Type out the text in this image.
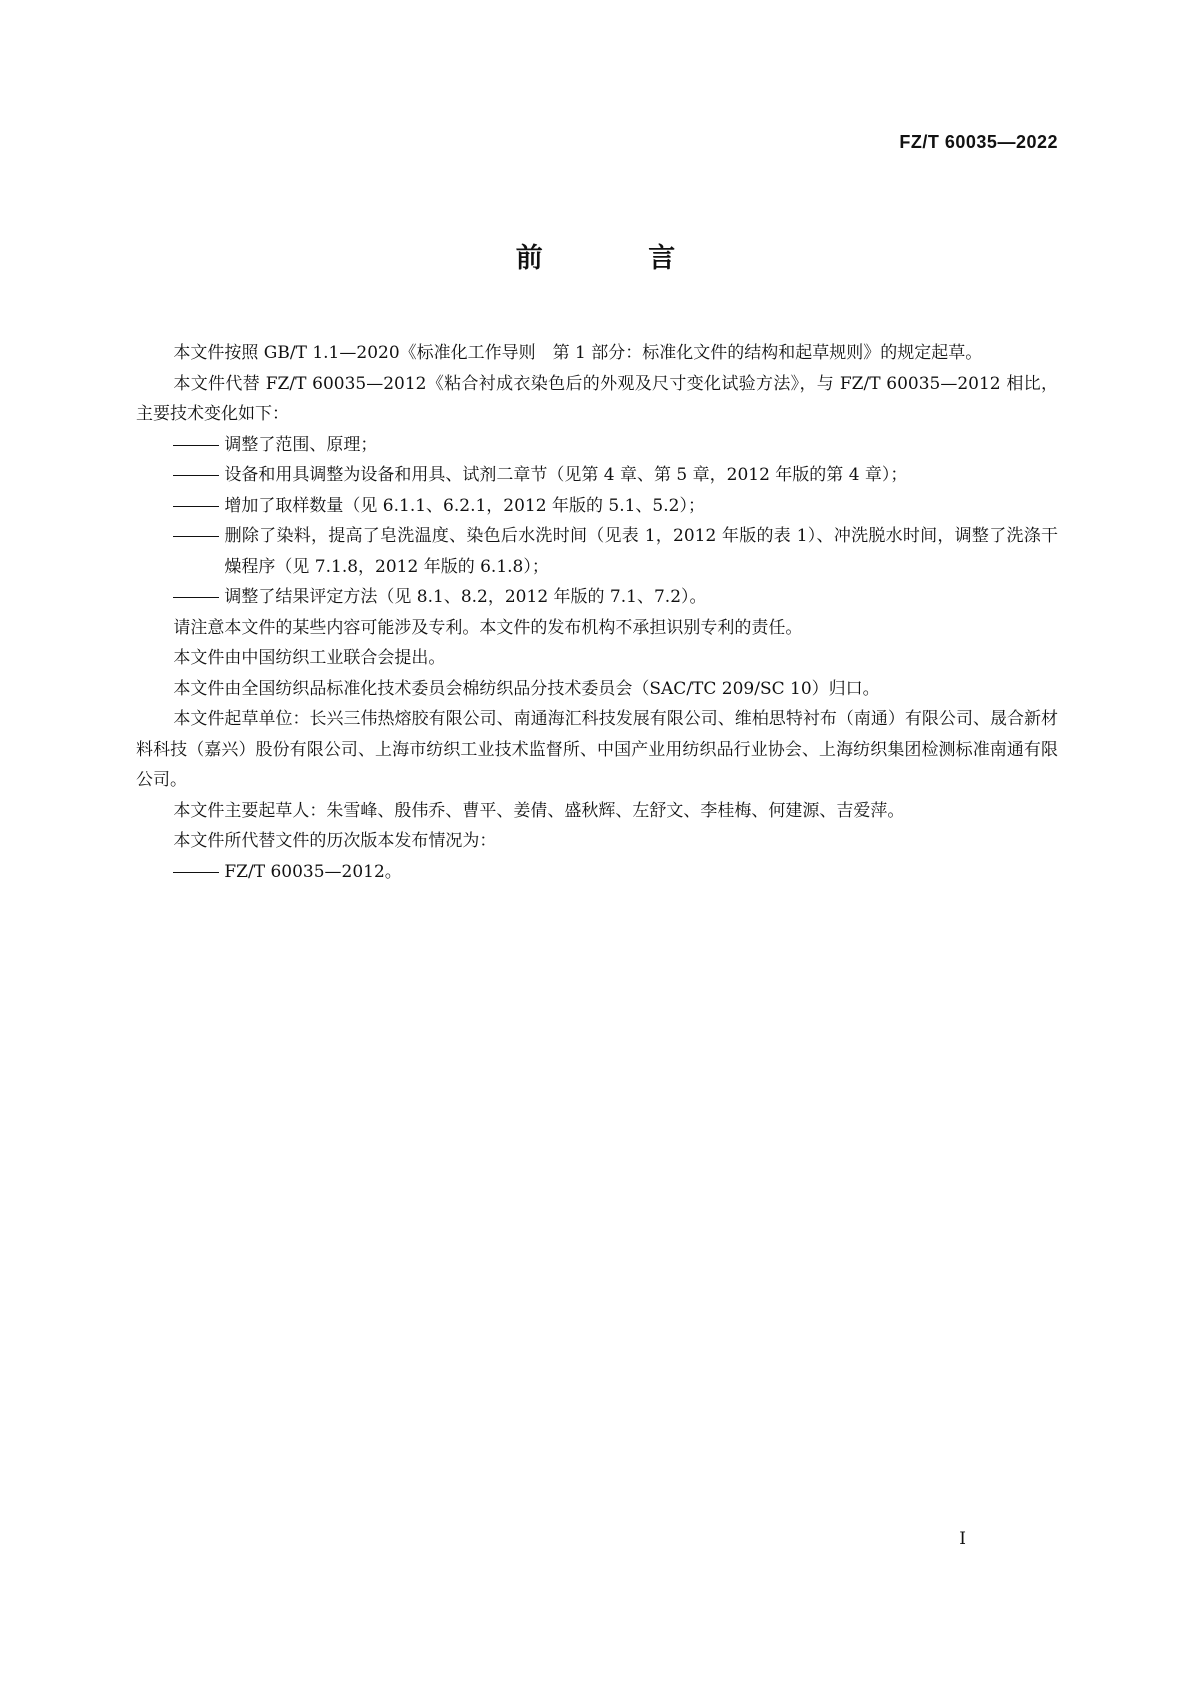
FZ/T 60035—2022
前 言

本文件按照 GB/T 1.1—2020《标准化工作导则　第 1 部分：标准化文件的结构和起草规则》的规定起草。

本文件代替 FZ/T 60035—2012《粘合衬成衣染色后的外观及尺寸变化试验方法》，与 FZ/T 60035—2012 相比，主要技术变化如下：

调整了范围、原理；

设备和用具调整为设备和用具、试剂二章节（见第 4 章、第 5 章，2012 年版的第 4 章）；

增加了取样数量（见 6.1.1、6.2.1，2012 年版的 5.1、5.2）；

删除了染料，提高了皂洗温度、染色后水洗时间（见表 1，2012 年版的表 1）、冲洗脱水时间，调整了洗涤干燥程序（见 7.1.8，2012 年版的 6.1.8）；

调整了结果评定方法（见 8.1、8.2，2012 年版的 7.1、7.2）。

请注意本文件的某些内容可能涉及专利。本文件的发布机构不承担识别专利的责任。

本文件由中国纺织工业联合会提出。

本文件由全国纺织品标准化技术委员会棉纺织品分技术委员会（SAC/TC 209/SC 10）归口。

本文件起草单位：长兴三伟热熔胶有限公司、南通海汇科技发展有限公司、维柏思特衬布（南通）有限公司、晟合新材料科技（嘉兴）股份有限公司、上海市纺织工业技术监督所、中国产业用纺织品行业协会、上海纺织集团检测标准南通有限公司。

本文件主要起草人：朱雪峰、殷伟乔、曹平、姜倩、盛秋辉、左舒文、李桂梅、何建源、吉爱萍。

本文件所代替文件的历次版本发布情况为：

FZ/T 60035—2012。

I
